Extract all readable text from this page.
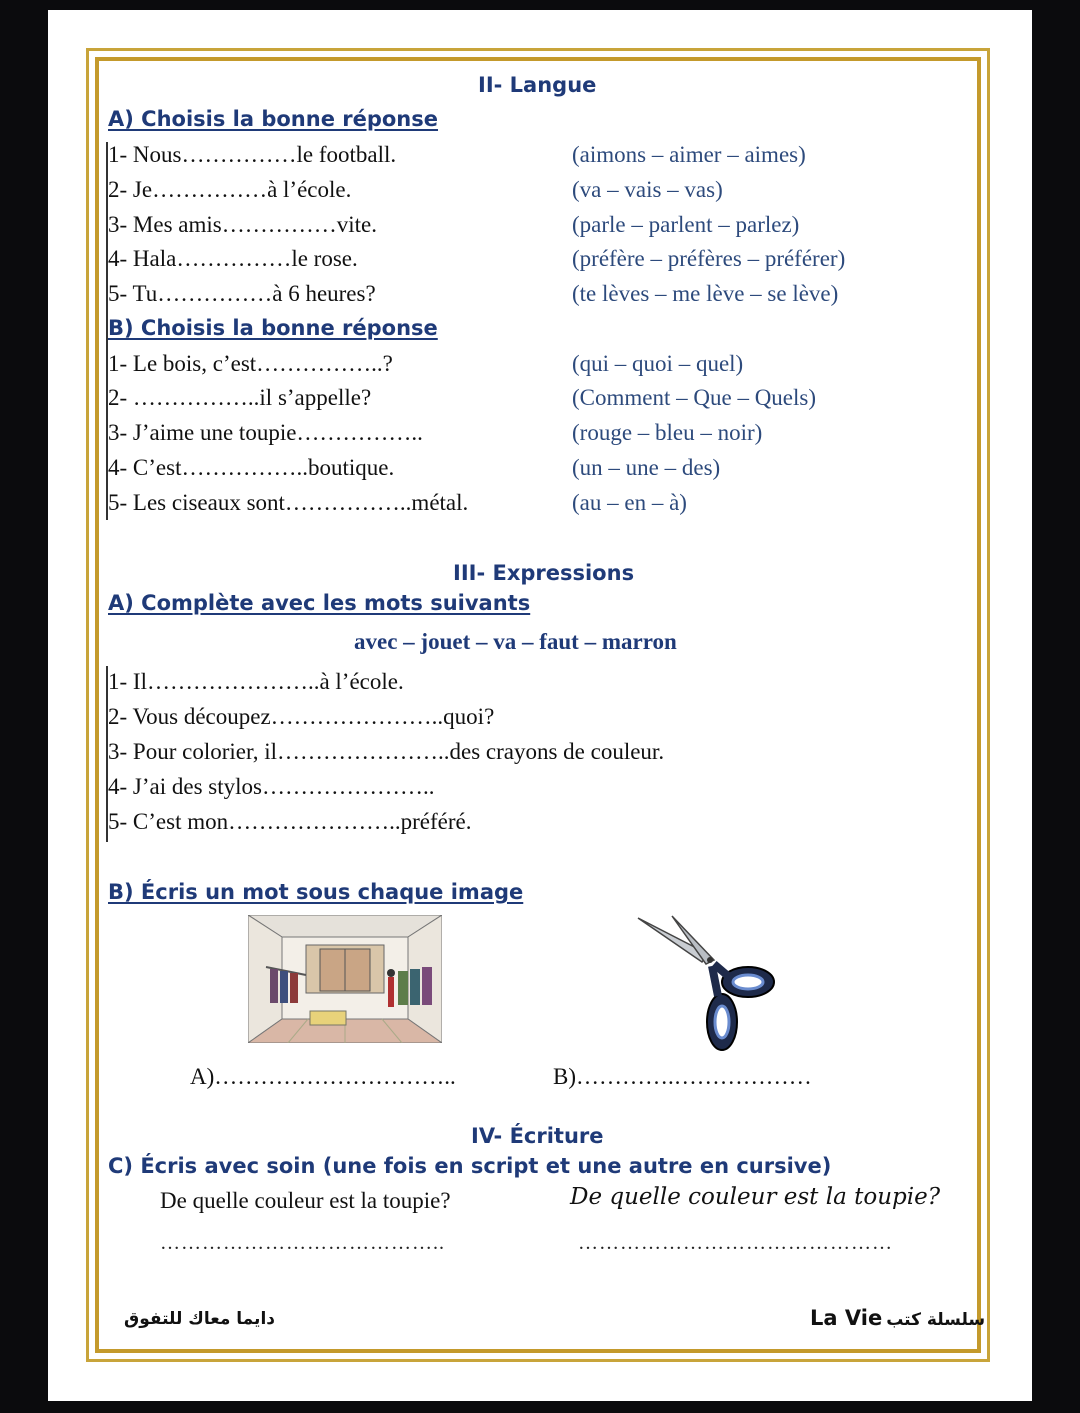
II- Langue
A) Choisis la bonne réponse
1- Nous……………le football.	(aimons – aimer – aimes)
2- Je……………à l’école.	(va – vais – vas)
3- Mes amis……………vite.	(parle – parlent – parlez)
4- Hala……………le rose.	(préfère – préfères – préférer)
5- Tu……………à 6 heures?	(te lèves – me lève – se lève)
B) Choisis la bonne réponse
1- Le bois, c’est……………..?	(qui – quoi – quel)
2- ……………..il s’appelle?	(Comment – Que – Quels)
3- J’aime une toupie……………..	(rouge – bleu – noir)
4- C’est……………..boutique.	(un – une – des)
5- Les ciseaux sont……………..métal.	(au – en – à)
III- Expressions
A) Complète avec les mots suivants
avec – jouet – va – faut – marron
1- Il…………………..à l’école.
2- Vous découpez…………………..quoi?
3- Pour colorier, il…………………..des crayons de couleur.
4- J’ai des stylos…………………..
5- C’est mon…………………..préféré.
B) Écris un mot sous chaque image
A)…………………………..	B)………….………………
IV- Écriture
C) Écris avec soin (une fois en script et une autre en cursive)
De quelle couleur est la toupie?	De quelle couleur est la toupie?
…………………………………..	………………………………………
دايما معاك للتفوق	La Vie سلسلة كتب
